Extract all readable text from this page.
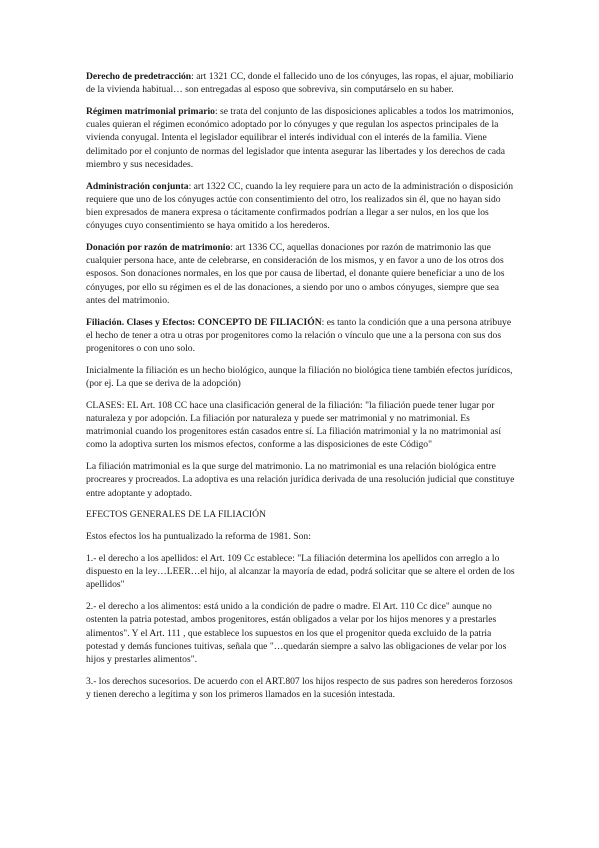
Derecho de predetracción: art 1321 CC, donde el fallecido uno de los cónyuges, las ropas, el ajuar, mobiliario de la vivienda habitual… son entregadas al esposo que sobreviva, sin computárselo en su haber.

Régimen matrimonial primario: se trata del conjunto de las disposiciones aplicables a todos los matrimonios, cuales quieran el régimen económico adoptado por lo cónyuges y que regulan los aspectos principales de la vivienda conyugal. Intenta el legislador equilibrar el interés individual con el interés de la familia. Viene delimitado por el conjunto de normas del legislador que intenta asegurar las libertades y los derechos de cada miembro y sus necesidades.

Administración conjunta: art 1322 CC, cuando la ley requiere para un acto de la administración o disposición requiere que uno de los cónyuges actúe con consentimiento del otro, los realizados sin él, que no hayan sido bien expresados de manera expresa o tácitamente confirmados podrían a llegar a ser nulos, en los que los cónyuges cuyo consentimiento se haya omitido a los herederos.

Donación por razón de matrimonio: art 1336 CC, aquellas donaciones por razón de matrimonio las que cualquier persona hace, ante de celebrarse, en consideración de los mismos, y en favor a uno de los otros dos esposos. Son donaciones normales, en los que por causa de libertad, el donante quiere beneficiar a uno de los cónyuges, por ello su régimen es el de las donaciones, a siendo por uno o ambos cónyuges, siempre que sea antes del matrimonio.

Filiación. Clases y Efectos: CONCEPTO DE FILIACIÓN: es tanto la condición que a una persona atribuye el hecho de tener a otra u otras por progenitores como la relación o vínculo que une a la persona con sus dos progenitores o con uno solo.

Inicialmente la filiación es un hecho biológico, aunque la filiación no biológica tiene también efectos jurídicos, (por ej. La que se deriva de la adopción)

CLASES: EL Art. 108 CC hace una clasificación general de la filiación: "la filiación puede tener lugar por naturaleza y por adopción. La filiación por naturaleza y puede ser matrimonial y no matrimonial. Es matrimonial cuando los progenitores están casados entre sí. La filiación matrimonial y la no matrimonial así como la adoptiva surten los mismos efectos, conforme a las disposiciones de este Código"

La filiación matrimonial es la que surge del matrimonio. La no matrimonial es una relación biológica entre procreares y procreados. La adoptiva es una relación jurídica derivada de una resolución judicial que constituye entre adoptante y adoptado.

EFECTOS GENERALES DE LA FILIACIÓN

Estos efectos los ha puntualizado la reforma de 1981. Son:

1.- el derecho a los apellidos: el Art. 109 Cc establece: "La filiación determina los apellidos con arreglo a lo dispuesto en la ley…LEER…el hijo, al alcanzar la mayoría de edad, podrá solicitar que se altere el orden de los apellidos"

2.- el derecho a los alimentos: está unido a la condición de padre o madre. El Art. 110 Cc dice" aunque no ostenten la patria potestad, ambos progenitores, están obligados a velar por los hijos menores y a prestarles alimentos". Y el Art. 111 , que establece los supuestos en los que el progenitor queda excluido de la patria potestad y demás funciones tuitivas, señala que "…quedarán siempre a salvo las obligaciones de velar por los hijos y prestarles alimentos".

3.- los derechos sucesorios. De acuerdo con el ART.807 los hijos respecto de sus padres son herederos forzosos y tienen derecho a legítima y son los primeros llamados en la sucesión intestada.
